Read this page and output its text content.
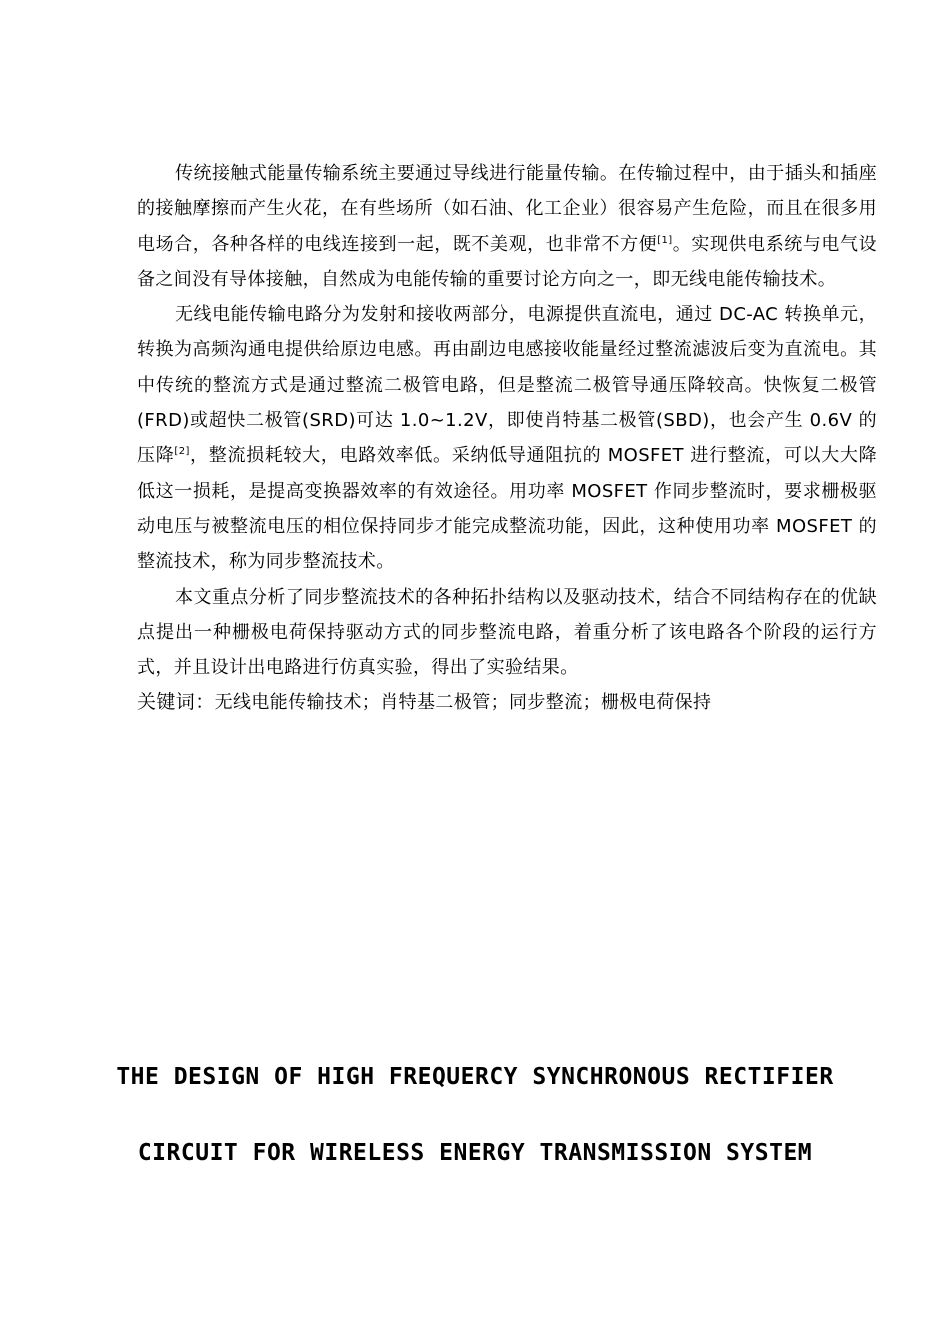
传统接触式能量传输系统主要通过导线进行能量传输。在传输过程中，由于插头和插座的接触摩擦而产生火花，在有些场所（如石油、化工企业）很容易产生危险，而且在很多用电场合，各种各样的电线连接到一起，既不美观，也非常不方便[1]。实现供电系统与电气设备之间没有导体接触，自然成为电能传输的重要讨论方向之一，即无线电能传输技术。

无线电能传输电路分为发射和接收两部分，电源提供直流电，通过 DC-AC 转换单元，转换为高频沟通电提供给原边电感。再由副边电感接收能量经过整流滤波后变为直流电。其中传统的整流方式是通过整流二极管电路，但是整流二极管导通压降较高。快恢复二极管(FRD)或超快二极管(SRD)可达 1.0~1.2V，即使肖特基二极管(SBD)，也会产生 0.6V 的压降[2]，整流损耗较大，电路效率低。采纳低导通阻抗的 MOSFET 进行整流，可以大大降低这一损耗，是提高变换器效率的有效途径。用功率 MOSFET 作同步整流时，要求栅极驱动电压与被整流电压的相位保持同步才能完成整流功能，因此，这种使用功率 MOSFET 的整流技术，称为同步整流技术。

本文重点分析了同步整流技术的各种拓扑结构以及驱动技术，结合不同结构存在的优缺点提出一种栅极电荷保持驱动方式的同步整流电路，着重分析了该电路各个阶段的运行方式，并且设计出电路进行仿真实验，得出了实验结果。

关键词：无线电能传输技术；肖特基二极管；同步整流；栅极电荷保持

THE DESIGN OF HIGH FREQUERCY SYNCHRONOUS RECTIFIER
CIRCUIT FOR WIRELESS ENERGY TRANSMISSION SYSTEM
